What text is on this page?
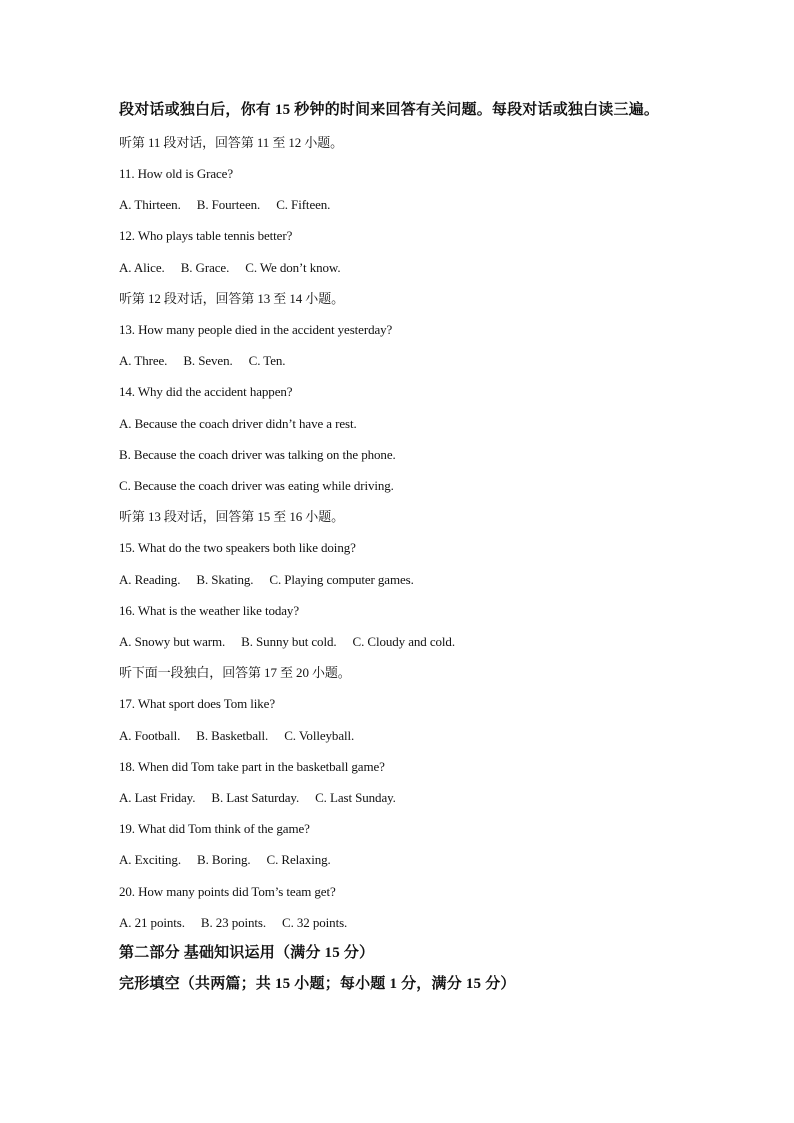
段对话或独白后，你有 15 秒钟的时间来回答有关问题。每段对话或独白读三遍。
听第 11 段对话，回答第 11 至 12 小题。
11. How old is Grace?
A. Thirteen. B. Fourteen. C. Fifteen.
12. Who plays table tennis better?
A. Alice. B. Grace. C. We don’t know.
听第 12 段对话，回答第 13 至 14 小题。
13. How many people died in the accident yesterday?
A. Three. B. Seven. C. Ten.
14. Why did the accident happen?
A. Because the coach driver didn’t have a rest.
B. Because the coach driver was talking on the phone.
C. Because the coach driver was eating while driving.
听第 13 段对话，回答第 15 至 16 小题。
15. What do the two speakers both like doing?
A. Reading. B. Skating. C. Playing computer games.
16. What is the weather like today?
A. Snowy but warm. B. Sunny but cold. C. Cloudy and cold.
听下面一段独白，回答第 17 至 20 小题。
17. What sport does Tom like?
A. Football. B. Basketball. C. Volleyball.
18. When did Tom take part in the basketball game?
A. Last Friday. B. Last Saturday. C. Last Sunday.
19. What did Tom think of the game?
A. Exciting. B. Boring. C. Relaxing.
20. How many points did Tom’s team get?
A. 21 points. B. 23 points. C. 32 points.
第二部分 基础知识运用（满分 15 分）
完形填空（共两篇；共 15 小题；每小题 1 分，满分 15 分）
